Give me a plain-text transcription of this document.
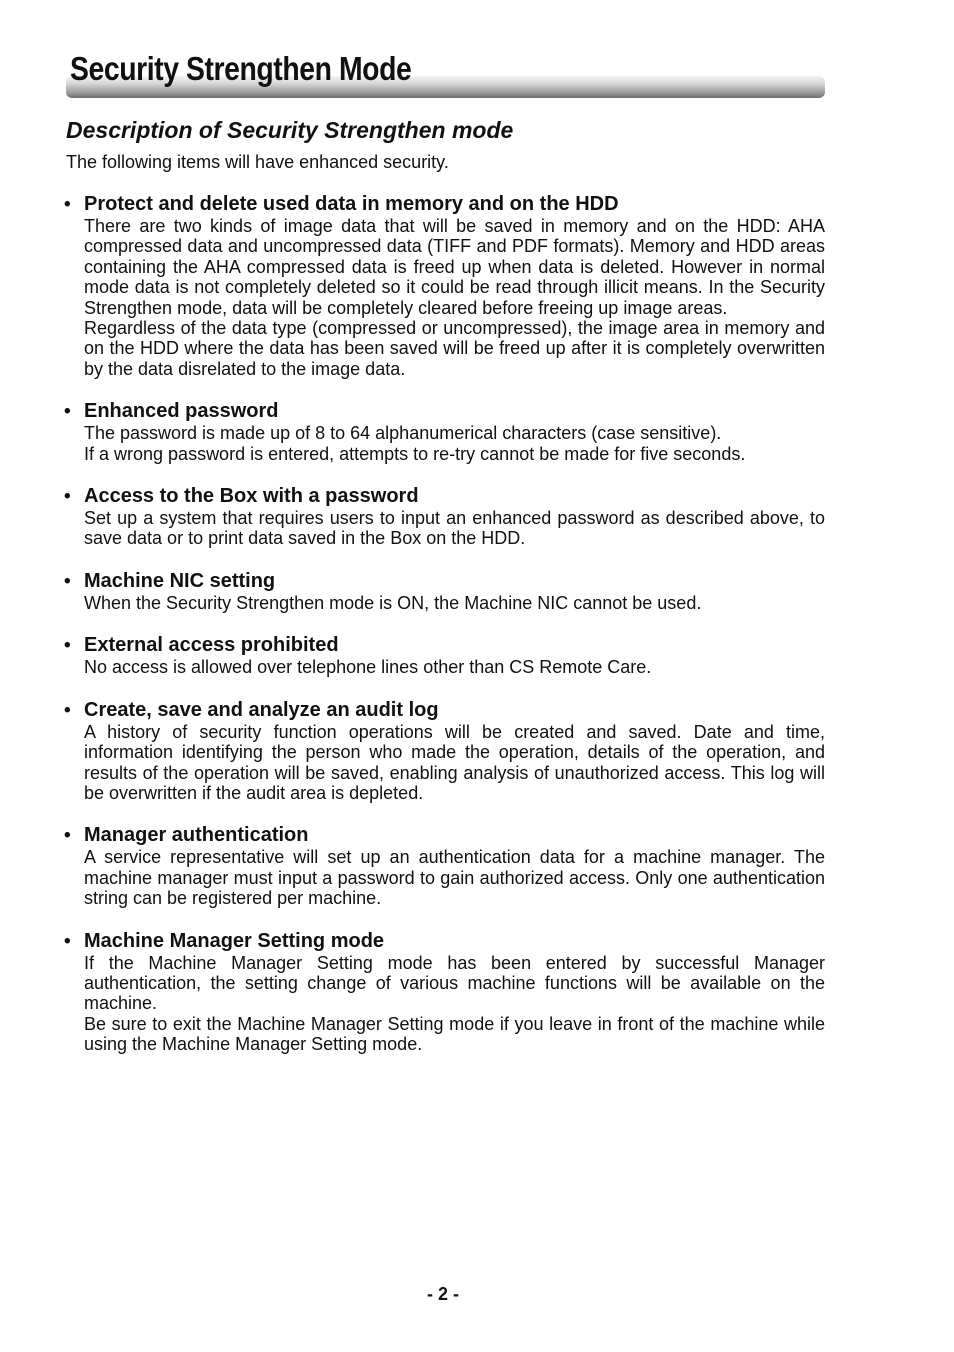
Security Strengthen Mode
Description of Security Strengthen mode

The following items will have enhanced security.

• Protect and delete used data in memory and on the HDD

There are two kinds of image data that will be saved in memory and on the HDD: AHA compressed data and uncompressed data (TIFF and PDF formats). Memory and HDD areas containing the AHA compressed data is freed up when data is deleted. However in normal mode data is not completely deleted so it could be read through illicit means. In the Security Strengthen mode, data will be completely cleared before freeing up image areas.

Regardless of the data type (compressed or uncompressed), the image area in memory and on the HDD where the data has been saved will be freed up after it is completely overwritten by the data disrelated to the image data.

• Enhanced password

The password is made up of 8 to 64 alphanumerical characters (case sensitive).

If a wrong password is entered, attempts to re-try cannot be made for five seconds.

• Access to the Box with a password

Set up a system that requires users to input an enhanced password as described above, to save data or to print data saved in the Box on the HDD.

• Machine NIC setting

When the Security Strengthen mode is ON, the Machine NIC cannot be used.

• External access prohibited

No access is allowed over telephone lines other than CS Remote Care.

• Create, save and analyze an audit log

A history of security function operations will be created and saved. Date and time, information identifying the person who made the operation, details of the operation, and results of the operation will be saved, enabling analysis of unauthorized access. This log will be overwritten if the audit area is depleted.

• Manager authentication

A service representative will set up an authentication data for a machine manager. The machine manager must input a password to gain authorized access. Only one authentication string can be registered per machine.

• Machine Manager Setting mode

If the Machine Manager Setting mode has been entered by successful Manager authentication, the setting change of various machine functions will be available on the machine.

Be sure to exit the Machine Manager Setting mode if you leave in front of the machine while using the Machine Manager Setting mode.

- 2 -
